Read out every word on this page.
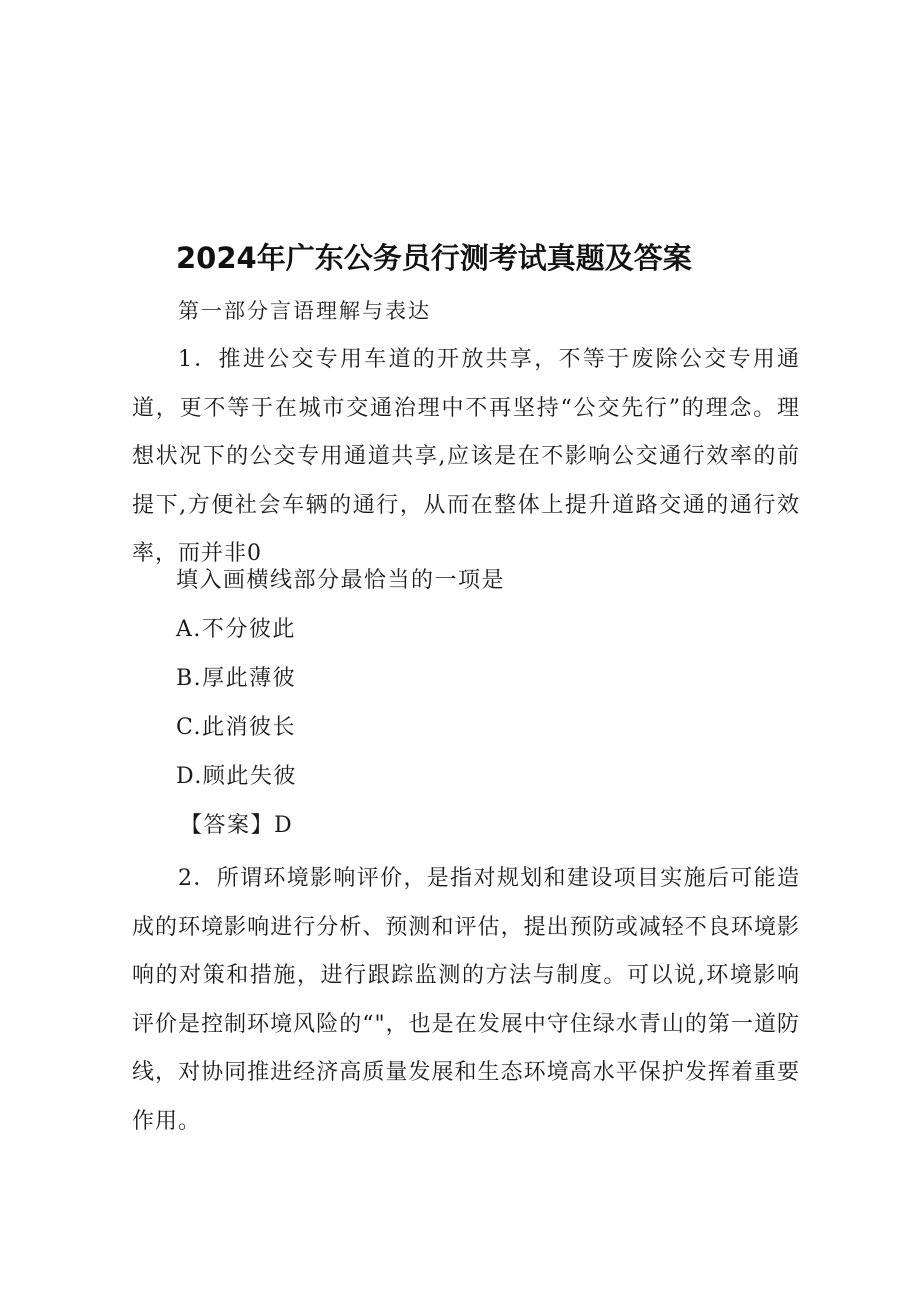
2024年广东公务员行测考试真题及答案
第一部分言语理解与表达

1．推进公交专用车道的开放共享，不等于废除公交专用通道，更不等于在城市交通治理中不再坚持“公交先行”的理念。理想状况下的公交专用通道共享,应该是在不影响公交通行效率的前提下,方便社会车辆的通行，从而在整体上提升道路交通的通行效率，而并非0

填入画横线部分最恰当的一项是
A.不分彼此
B.厚此薄彼
C.此消彼长
D.顾此失彼
【答案】D

2．所谓环境影响评价，是指对规划和建设项目实施后可能造成的环境影响进行分析、预测和评估，提出预防或减轻不良环境影响的对策和措施，进行跟踪监测的方法与制度。可以说,环境影响评价是控制环境风险的“"，也是在发展中守住绿水青山的第一道防线，对协同推进经济高质量发展和生态环境高水平保护发挥着重要作用。
